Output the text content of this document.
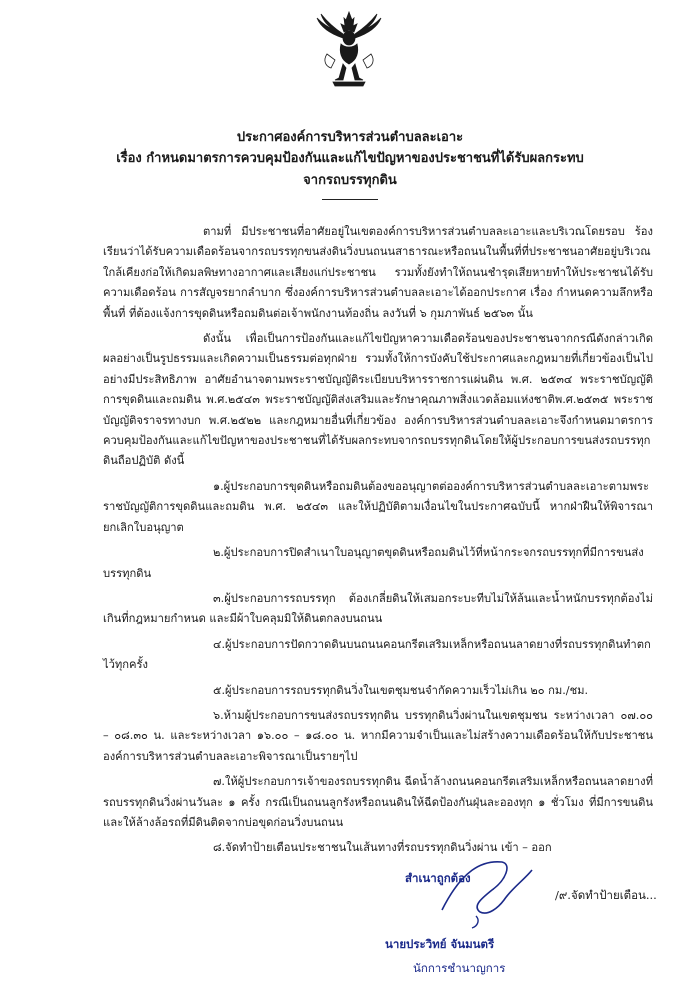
ประกาศองค์การบริหารส่วนตำบลละเอาะ
เรื่อง กำหนดมาตรการควบคุมป้องกันและแก้ไขปัญหาของประชาชนที่ได้รับผลกระทบ
จากรถบรรทุกดิน

ตามที่ มีประชาชนที่อาศัยอยู่ในเขตองค์การบริหารส่วนตำบลละเอาะและบริเวณโดยรอบ ร้องเรียนว่าได้รับความเดือดร้อนจากรถบรรทุกขนส่งดินวิ่งบนถนนสาธารณะหรือถนนในพื้นที่ที่ประชาชนอาศัยอยู่บริเวณใกล้เคียงก่อให้เกิดมลพิษทางอากาศและเสียงแก่ประชาชน รวมทั้งยังทำให้ถนนชำรุดเสียหายทำให้ประชาชนได้รับความเดือดร้อน การสัญจรยากลำบาก ซึ่งองค์การบริหารส่วนตำบลละเอาะได้ออกประกาศ เรื่อง กำหนดความลึกหรือพื้นที่ ที่ต้องแจ้งการขุดดินหรือถมดินต่อเจ้าพนักงานท้องถิ่น ลงวันที่ ๖ กุมภาพันธ์ ๒๕๖๓ นั้น

ดังนั้น เพื่อเป็นการป้องกันและแก้ไขปัญหาความเดือดร้อนของประชาชนจากกรณีดังกล่าวเกิดผลอย่างเป็นรูปธรรมและเกิดความเป็นธรรมต่อทุกฝ่าย รวมทั้งให้การบังคับใช้ประกาศและกฎหมายที่เกี่ยวข้องเป็นไปอย่างมีประสิทธิภาพ อาศัยอำนาจตามพระราชบัญญัติระเบียบบริหารราชการแผ่นดิน พ.ศ. ๒๕๓๔ พระราชบัญญัติการขุดดินและถมดิน พ.ศ.๒๕๔๓ พระราชบัญญัติส่งเสริมและรักษาคุณภาพสิ่งแวดล้อมแห่งชาติพ.ศ.๒๕๓๕ พระราชบัญญัติจราจรทางบก พ.ศ.๒๕๒๒ และกฎหมายอื่นที่เกี่ยวข้อง องค์การบริหารส่วนตำบลละเอาะจึงกำหนดมาตรการควบคุมป้องกันและแก้ไขปัญหาของประชาชนที่ได้รับผลกระทบจากรถบรรทุกดินโดยให้ผู้ประกอบการขนส่งรถบรรทุกดินถือปฏิบัติ ดังนี้

๑.ผู้ประกอบการขุดดินหรือถมดินต้องขออนุญาตต่อองค์การบริหารส่วนตำบลละเอาะตามพระราชบัญญัติการขุดดินและถมดิน พ.ศ. ๒๕๔๓ และให้ปฏิบัติตามเงื่อนไขในประกาศฉบับนี้ หากฝ่าฝืนให้พิจารณายกเลิกใบอนุญาต

๒.ผู้ประกอบการปิดสำเนาใบอนุญาตขุดดินหรือถมดินไว้ที่หน้ากระจกรถบรรทุกที่มีการขนส่งบรรทุกดิน

๓.ผู้ประกอบการรถบรรทุก ต้องเกลี่ยดินให้เสมอกระบะทีบไม่ให้ล้นและน้ำหนักบรรทุกต้องไม่เกินที่กฎหมายกำหนด และมีผ้าใบคลุมมิให้ดินตกลงบนถนน

๔.ผู้ประกอบการปัดกวาดดินบนถนนคอนกรีตเสริมเหล็กหรือถนนลาดยางที่รถบรรทุกดินทำตกไว้ทุกครั้ง

๕.ผู้ประกอบการรถบรรทุกดินวิ่งในเขตชุมชนจำกัดความเร็วไม่เกิน ๒๐ กม./ชม.

๖.ห้ามผู้ประกอบการขนส่งรถบรรทุกดิน บรรทุกดินวิ่งผ่านในเขตชุมชน ระหว่างเวลา ๐๗.๐๐ – ๐๘.๓๐ น. และระหว่างเวลา ๑๖.๐๐ – ๑๘.๐๐ น. หากมีความจำเป็นและไม่สร้างความเดือดร้อนให้กับประชาชนองค์การบริหารส่วนตำบลละเอาะพิจารณาเป็นรายๆไป

๗.ให้ผู้ประกอบการเจ้าของรถบรรทุกดิน ฉีดน้ำล้างถนนคอนกรีตเสริมเหล็กหรือถนนลาดยางที่รถบรรทุกดินวิ่งผ่านวันละ ๑ ครั้ง กรณีเป็นถนนลูกรังหรือถนนดินให้ฉีดป้องกันฝุ่นละอองทุก ๑ ชั่วโมง ที่มีการขนดินและให้ล้างล้อรถที่มีดินติดจากบ่อขุดก่อนวิ่งบนถนน

๘.จัดทำป้ายเตือนประชาชนในเส้นทางที่รถบรรทุกดินวิ่งผ่าน เข้า – ออก

สำเนาถูกต้อง
/๙.จัดทำป้ายเตือน...
นายประวิทย์ จันมนตรี
นักการชำนาญการ
